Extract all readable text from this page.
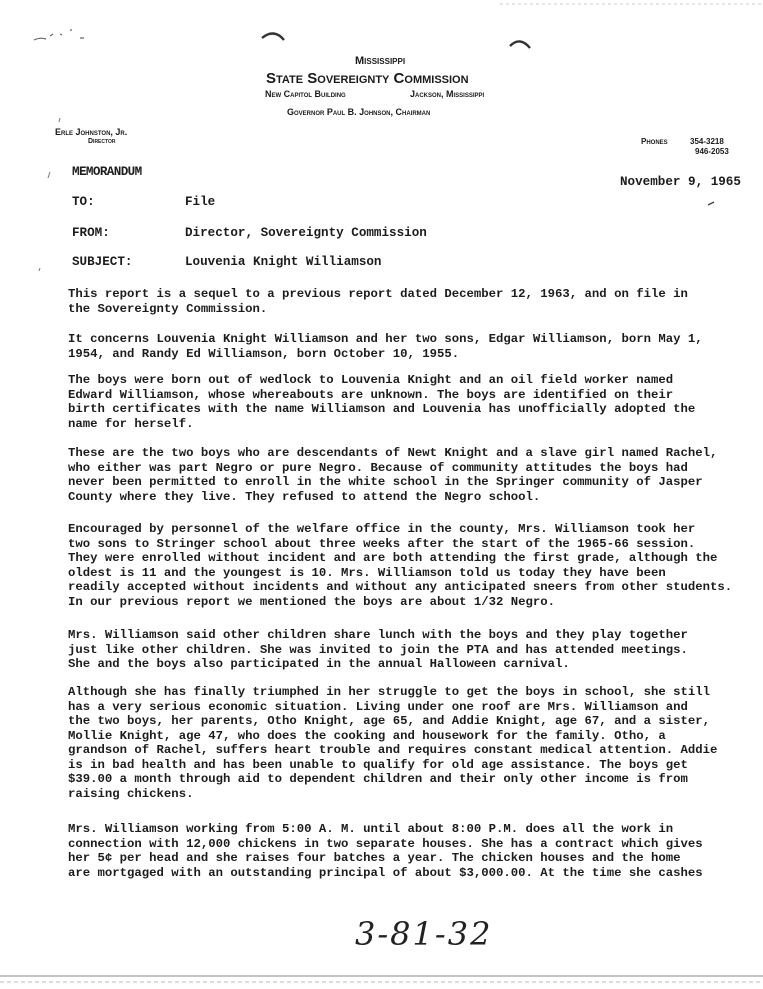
Mississippi
State Sovereignty Commission
New Capitol Building	Jackson, Mississippi
Governor Paul B. Johnson, Chairman
Erle Johnston, Jr.
Director	Phones	354-3218
946-2053
MEMORANDUM
November 9, 1965
TO:	File
FROM:	Director, Sovereignty Commission
SUBJECT:	Louvenia Knight Williamson

This report is a sequel to a previous report dated December 12, 1963, and on file in

the Sovereignty Commission.

It concerns Louvenia Knight Williamson and her two sons, Edgar Williamson, born May 1,

1954, and Randy Ed Williamson, born October 10, 1955.

The boys were born out of wedlock to Louvenia Knight and an oil field worker named

Edward Williamson, whose whereabouts are unknown. The boys are identified on their

birth certificates with the name Williamson and Louvenia has unofficially adopted the

name for herself.

These are the two boys who are descendants of Newt Knight and a slave girl named Rachel,

who either was part Negro or pure Negro. Because of community attitudes the boys had

never been permitted to enroll in the white school in the Springer community of Jasper

County where they live. They refused to attend the Negro school.

Encouraged by personnel of the welfare office in the county, Mrs. Williamson took her

two sons to Stringer school about three weeks after the start of the 1965-66 session.

They were enrolled without incident and are both attending the first grade, although the

oldest is 11 and the youngest is 10. Mrs. Williamson told us today they have been

readily accepted without incidents and without any anticipated sneers from other students.

In our previous report we mentioned the boys are about 1/32 Negro.

Mrs. Williamson said other children share lunch with the boys and they play together

just like other children. She was invited to join the PTA and has attended meetings.

She and the boys also participated in the annual Halloween carnival.

Although she has finally triumphed in her struggle to get the boys in school, she still

has a very serious economic situation. Living under one roof are Mrs. Williamson and

the two boys, her parents, Otho Knight, age 65, and Addie Knight, age 67, and a sister,

Mollie Knight, age 47, who does the cooking and housework for the family. Otho, a

grandson of Rachel, suffers heart trouble and requires constant medical attention. Addie

is in bad health and has been unable to qualify for old age assistance. The boys get

$39.00 a month through aid to dependent children and their only other income is from

raising chickens.

Mrs. Williamson working from 5:00 A. M. until about 8:00 P.M. does all the work in

connection with 12,000 chickens in two separate houses. She has a contract which gives

her 5¢ per head and she raises four batches a year. The chicken houses and the home

are mortgaged with an outstanding principal of about $3,000.00. At the time she cashes

3-81-32
